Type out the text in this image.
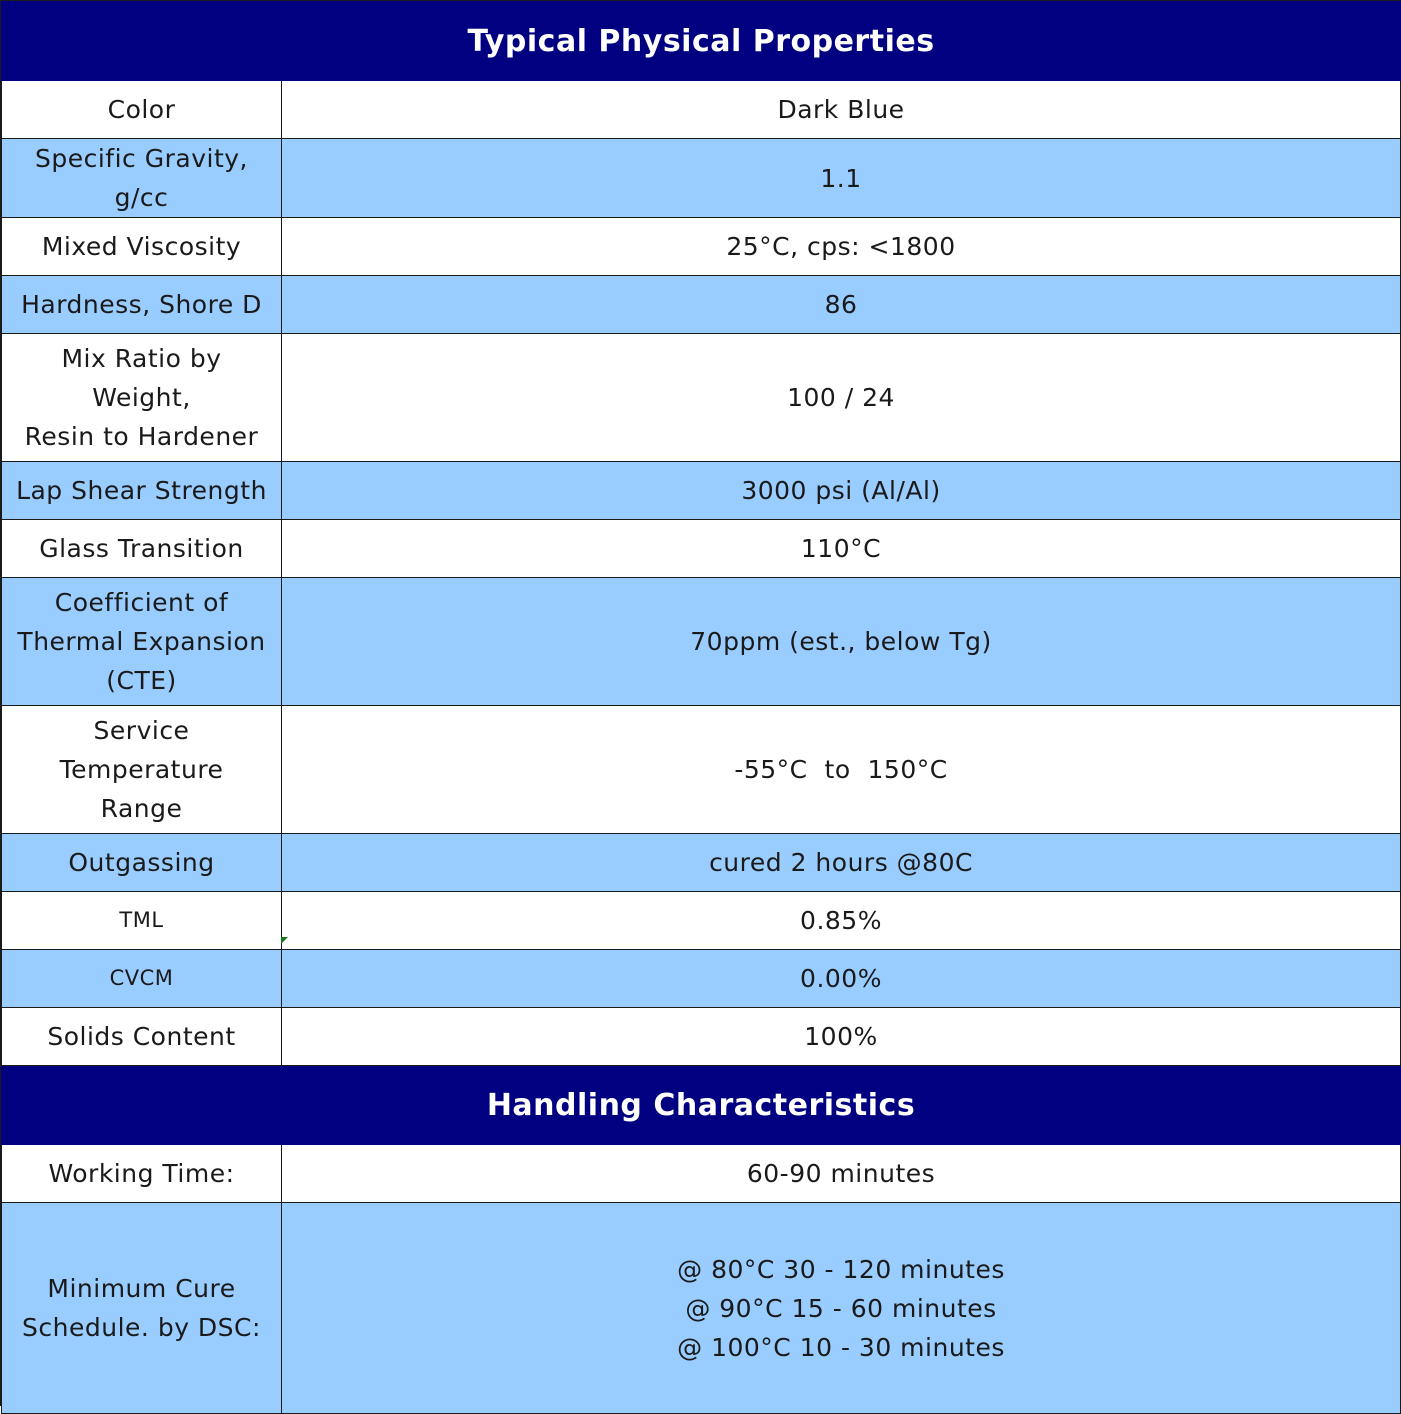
Typical Physical Properties	
Color	Dark Blue
Specific Gravity, g/cc	1.1
Mixed Viscosity	25°C, cps: <1800
Hardness, Shore D	86

Mix Ratio by Weight,
Resin to Hardener	100 / 24
Lap Shear Strength	3000 psi (Al/Al)
Glass Transition	110°C

Coefficient of
Thermal Expansion
(CTE)	70ppm (est., below Tg)

Service Temperature
Range	-55°C  to  150°C
Outgassing	cured 2 hours @80C
TML	0.85%
CVCM	0.00%
Solids Content	100%
Handling Characteristics	
Working Time:	60-90 minutes

Minimum Cure
Schedule. by DSC:	@ 80°C 30 - 120 minutes
@ 90°C 15 - 60 minutes
@ 100°C 10 - 30 minutes
